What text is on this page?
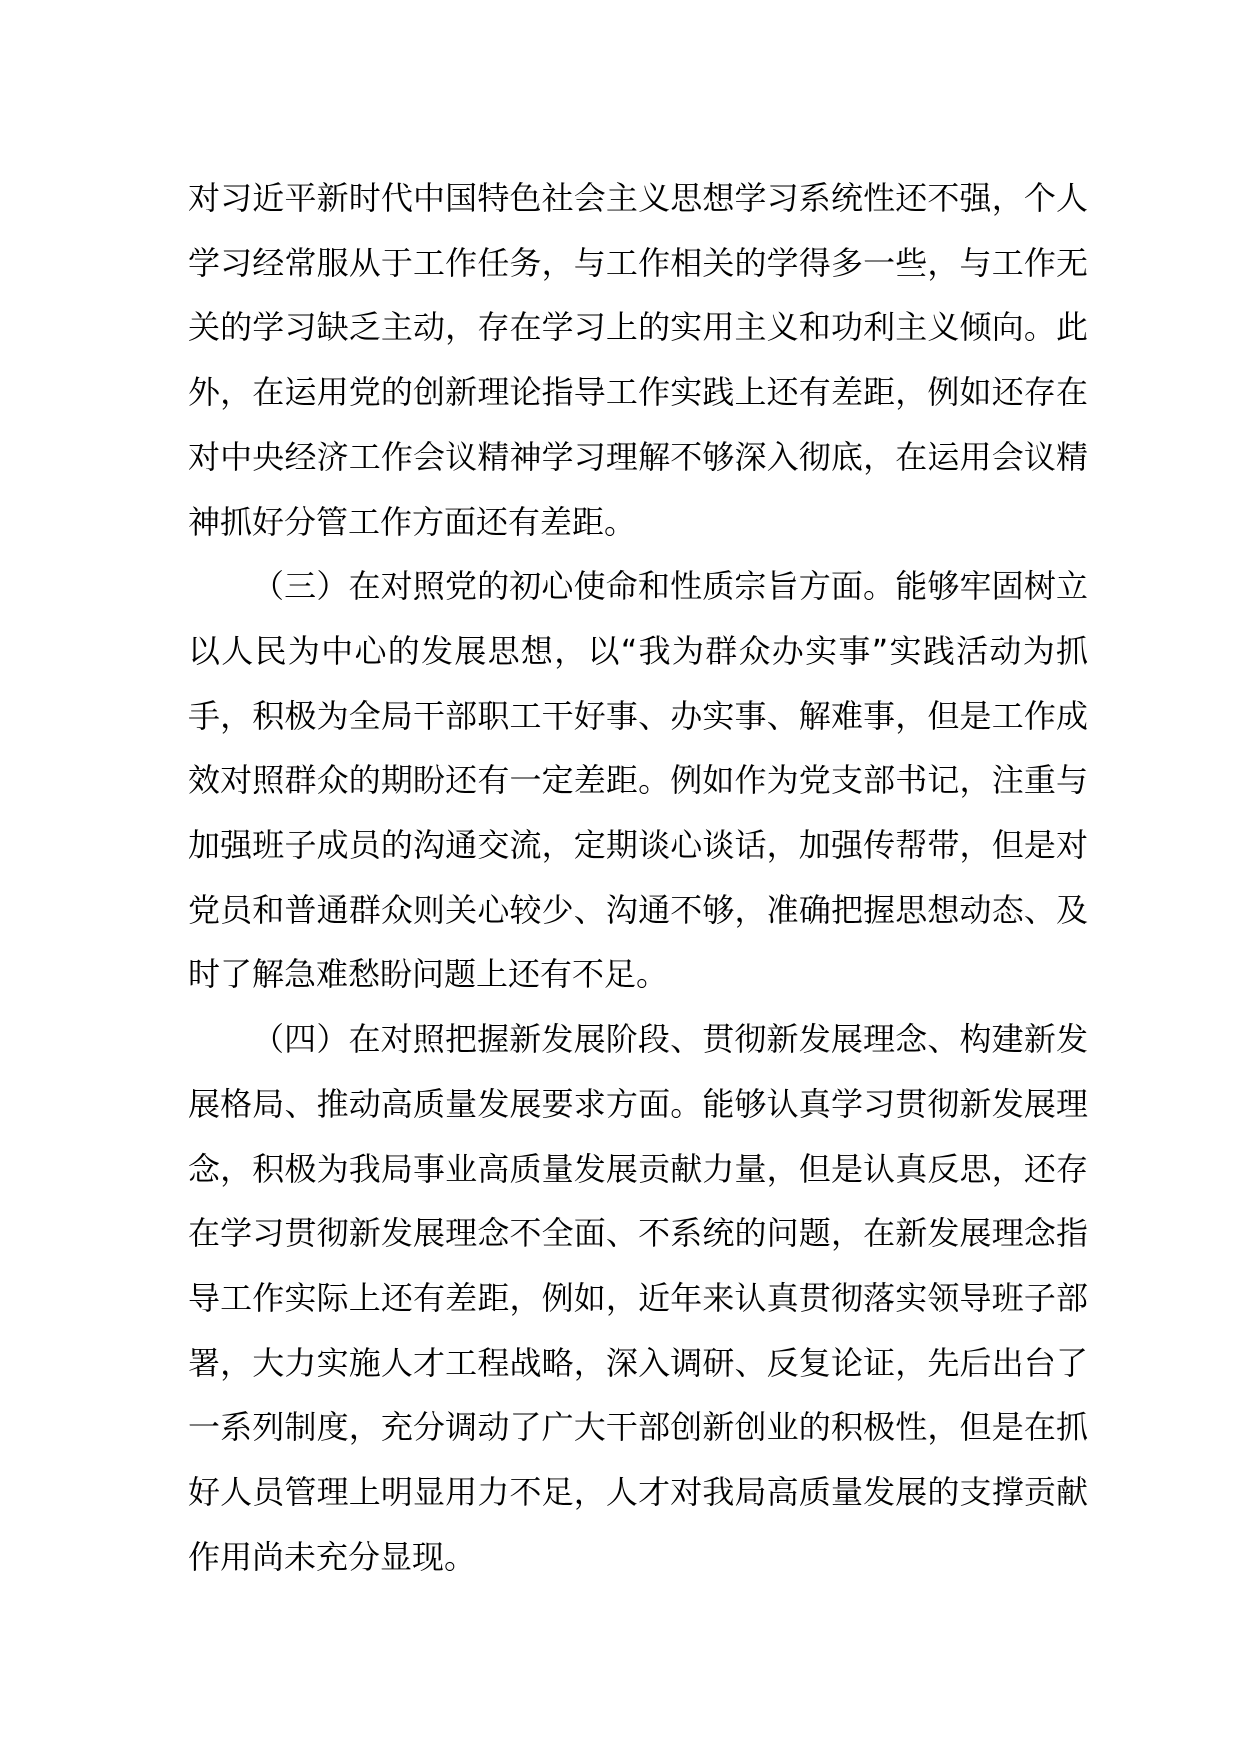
对习近平新时代中国特色社会主义思想学习系统性还不强，个人学习经常服从于工作任务，与工作相关的学得多一些，与工作无关的学习缺乏主动，存在学习上的实用主义和功利主义倾向。此外，在运用党的创新理论指导工作实践上还有差距，例如还存在对中央经济工作会议精神学习理解不够深入彻底，在运用会议精神抓好分管工作方面还有差距。

（三）在对照党的初心使命和性质宗旨方面。能够牢固树立以人民为中心的发展思想，以“我为群众办实事”实践活动为抓手，积极为全局干部职工干好事、办实事、解难事，但是工作成效对照群众的期盼还有一定差距。例如作为党支部书记，注重与加强班子成员的沟通交流，定期谈心谈话，加强传帮带，但是对党员和普通群众则关心较少、沟通不够，准确把握思想动态、及时了解急难愁盼问题上还有不足。

（四）在对照把握新发展阶段、贯彻新发展理念、构建新发展格局、推动高质量发展要求方面。能够认真学习贯彻新发展理念，积极为我局事业高质量发展贡献力量，但是认真反思，还存在学习贯彻新发展理念不全面、不系统的问题，在新发展理念指导工作实际上还有差距，例如，近年来认真贯彻落实领导班子部署，大力实施人才工程战略，深入调研、反复论证，先后出台了一系列制度，充分调动了广大干部创新创业的积极性，但是在抓好人员管理上明显用力不足，人才对我局高质量发展的支撑贡献作用尚未充分显现。
